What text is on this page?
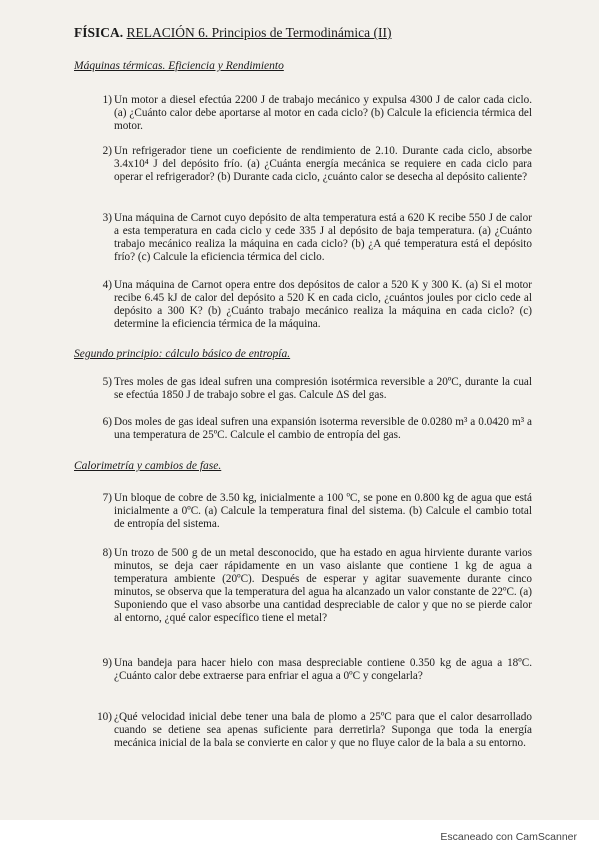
FÍSICA. RELACIÓN 6. Principios de Termodinámica (II)
Máquinas térmicas. Eficiencia y Rendimiento
1) Un motor a diesel efectúa 2200 J de trabajo mecánico y expulsa 4300 J de calor cada ciclo. (a) ¿Cuánto calor debe aportarse al motor en cada ciclo? (b) Calcule la eficiencia térmica del motor.
2) Un refrigerador tiene un coeficiente de rendimiento de 2.10. Durante cada ciclo, absorbe 3.4x10⁴ J del depósito frío. (a) ¿Cuánta energía mecánica se requiere en cada ciclo para operar el refrigerador? (b) Durante cada ciclo, ¿cuánto calor se desecha al depósito caliente?
3) Una máquina de Carnot cuyo depósito de alta temperatura está a 620 K recibe 550 J de calor a esta temperatura en cada ciclo y cede 335 J al depósito de baja temperatura. (a) ¿Cuánto trabajo mecánico realiza la máquina en cada ciclo? (b) ¿A qué temperatura está el depósito frío? (c) Calcule la eficiencia térmica del ciclo.
4) Una máquina de Carnot opera entre dos depósitos de calor a 520 K y 300 K. (a) Si el motor recibe 6.45 kJ de calor del depósito a 520 K en cada ciclo, ¿cuántos joules por ciclo cede al depósito a 300 K? (b) ¿Cuánto trabajo mecánico realiza la máquina en cada ciclo? (c) determine la eficiencia térmica de la máquina.
Segundo principio: cálculo básico de entropía.
5) Tres moles de gas ideal sufren una compresión isotérmica reversible a 20ºC, durante la cual se efectúa 1850 J de trabajo sobre el gas. Calcule ΔS del gas.
6) Dos moles de gas ideal sufren una expansión isoterma reversible de 0.0280 m³ a 0.0420 m³ a una temperatura de 25ºC. Calcule el cambio de entropía del gas.
Calorimetría y cambios de fase.
7) Un bloque de cobre de 3.50 kg, inicialmente a 100 ºC, se pone en 0.800 kg de agua que está inicialmente a 0ºC. (a) Calcule la temperatura final del sistema. (b) Calcule el cambio total de entropía del sistema.
8) Un trozo de 500 g de un metal desconocido, que ha estado en agua hirviente durante varios minutos, se deja caer rápidamente en un vaso aislante que contiene 1 kg de agua a temperatura ambiente (20ºC). Después de esperar y agitar suavemente durante cinco minutos, se observa que la temperatura del agua ha alcanzado un valor constante de 22ºC. (a) Suponiendo que el vaso absorbe una cantidad despreciable de calor y que no se pierde calor al entorno, ¿qué calor específico tiene el metal?
9) Una bandeja para hacer hielo con masa despreciable contiene 0.350 kg de agua a 18ºC. ¿Cuánto calor debe extraerse para enfriar el agua a 0ºC y congelarla?
10) ¿Qué velocidad inicial debe tener una bala de plomo a 25ºC para que el calor desarrollado cuando se detiene sea apenas suficiente para derretirla? Suponga que toda la energía mecánica inicial de la bala se convierte en calor y que no fluye calor de la bala a su entorno.
Escaneado con CamScanner
